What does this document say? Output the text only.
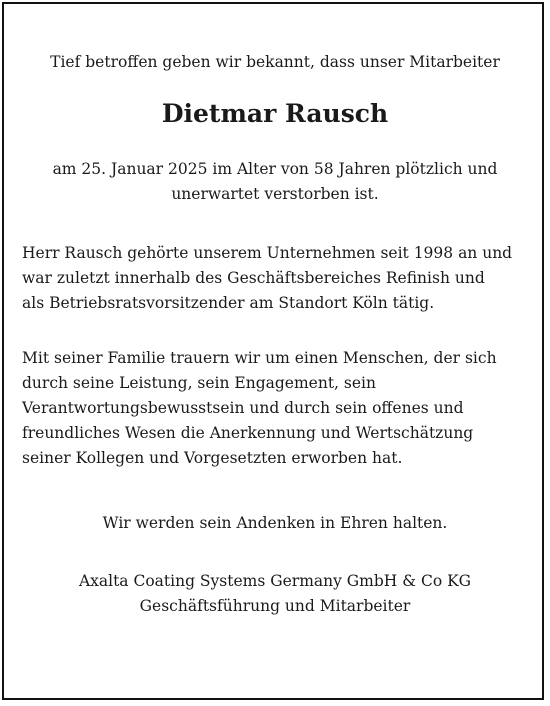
Tief betroffen geben wir bekannt, dass unser Mitarbeiter

Dietmar Rausch
am 25. Januar 2025 im Alter von 58 Jahren plötzlich und
unerwartet verstorben ist.
Herr Rausch gehörte unserem Unternehmen seit 1998 an und
war zuletzt innerhalb des Geschäftsbereiches Refinish und
als Betriebsratsvorsitzender am Standort Köln tätig.
Mit seiner Familie trauern wir um einen Menschen, der sich
durch seine Leistung, sein Engagement, sein
Verantwortungsbewusstsein und durch sein offenes und
freundliches Wesen die Anerkennung und Wertschätzung
seiner Kollegen und Vorgesetzten erworben hat.

Wir werden sein Andenken in Ehren halten.

Axalta Coating Systems Germany GmbH & Co KG
Geschäftsführung und Mitarbeiter
